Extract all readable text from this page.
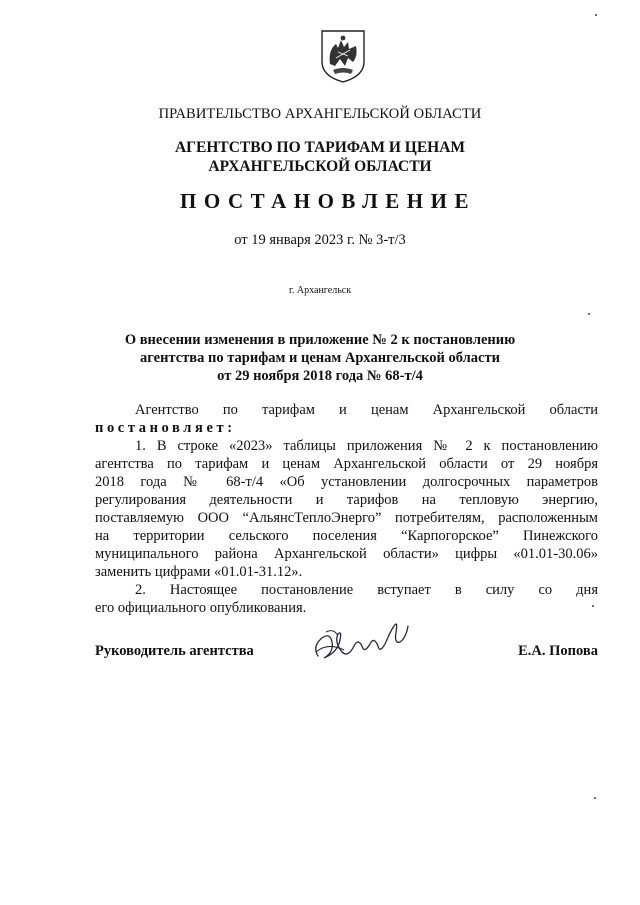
ПРАВИТЕЛЬСТВО АРХАНГЕЛЬСКОЙ ОБЛАСТИ
АГЕНТСТВО ПО ТАРИФАМ И ЦЕНАМ
АРХАНГЕЛЬСКОЙ ОБЛАСТИ
ПОСТАНОВЛЕНИЕ
от 19 января 2023 г. № 3-т/3
г. Архангельск
О внесении изменения в приложение № 2 к постановлению
агентства по тарифам и ценам Архангельской области
от 29 ноября 2018 года № 68-т/4
Агентство по тарифам и ценам Архангельской области
постановляет:
1. В строке «2023» таблицы приложения № 2 к постановлению
агентства по тарифам и ценам Архангельской области от 29 ноября
2018 года № 68-т/4 «Об установлении долгосрочных параметров
регулирования деятельности и тарифов на тепловую энергию,
поставляемую ООО “АльянсТеплоЭнерго” потребителям, расположенным
на территории сельского поселения “Карпогорское” Пинежского
муниципального района Архангельской области» цифры «01.01-30.06»
заменить цифрами «01.01-31.12».
2. Настоящее постановление вступает в силу со дня
его официального опубликования.
Руководитель агентства	Е.А. Попова
